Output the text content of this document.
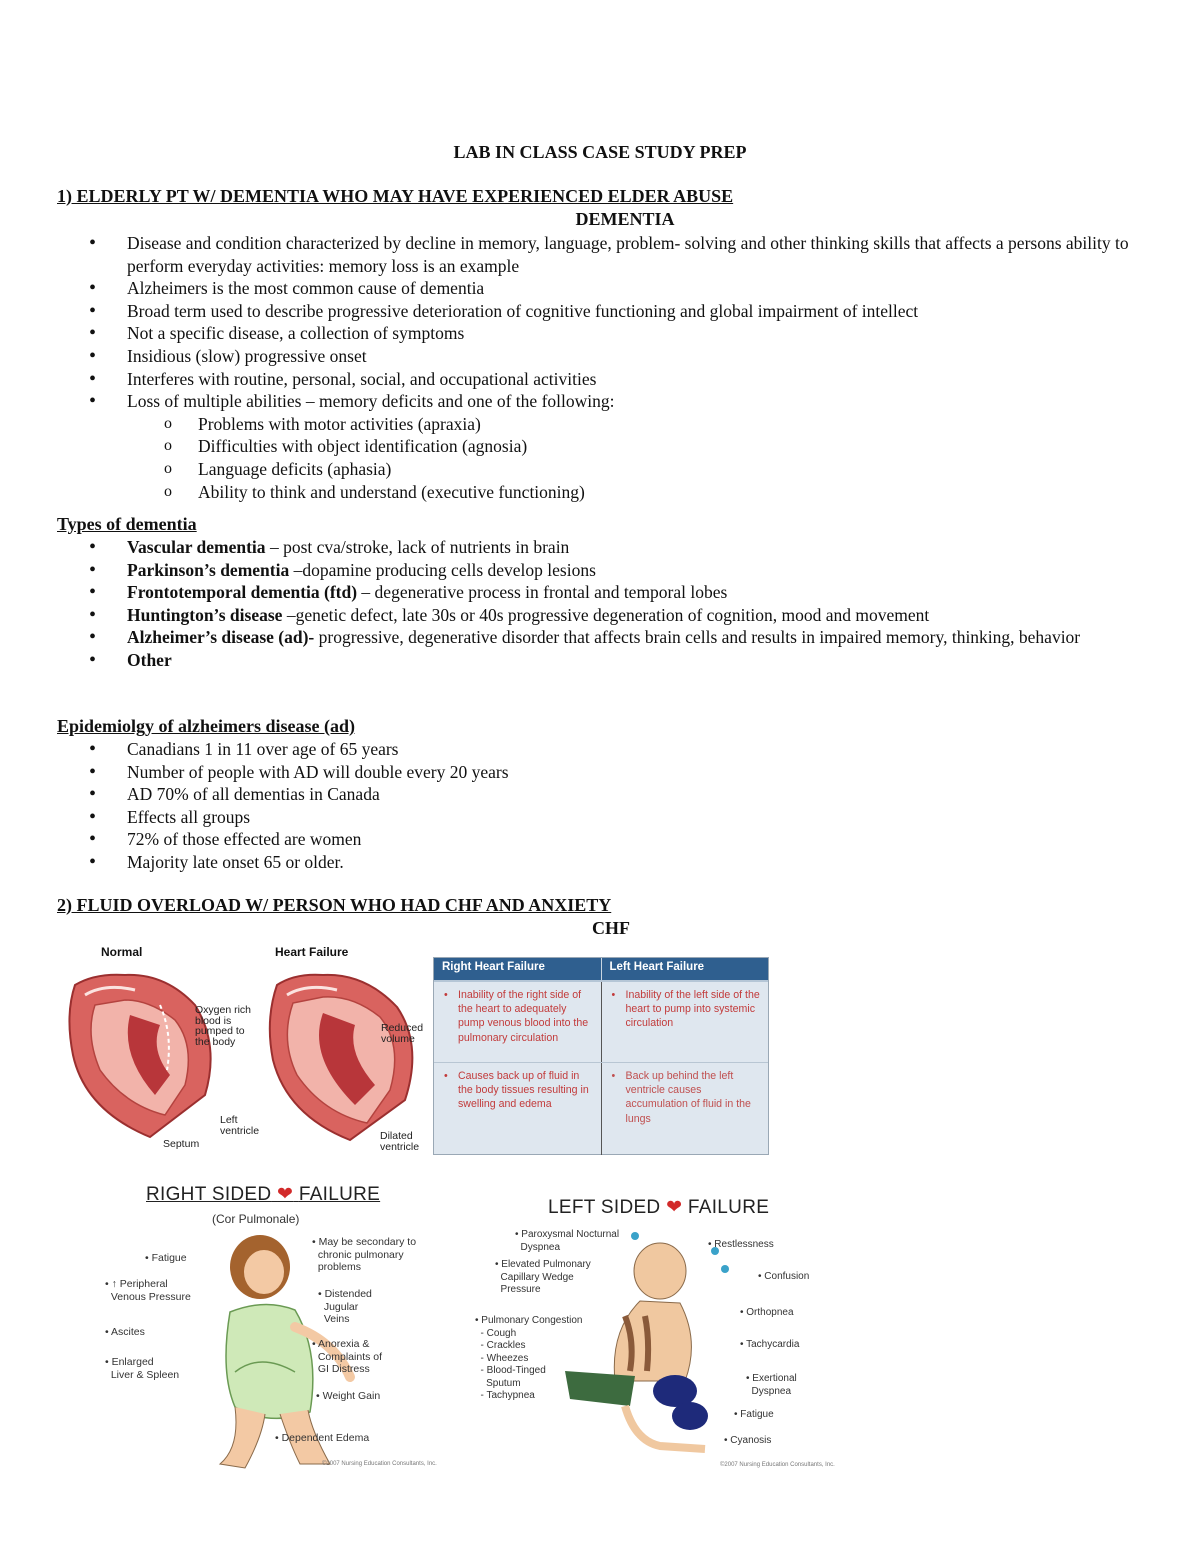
LAB IN CLASS CASE STUDY PREP
1) ELDERLY PT W/ DEMENTIA WHO MAY HAVE EXPERIENCED ELDER ABUSE
DEMENTIA
• Disease and condition characterized by decline in memory, language, problem- solving and other thinking skills that affects a persons ability to perform everyday activities: memory loss is an example
• Alzheimers is the most common cause of dementia
• Broad term used to describe progressive deterioration of cognitive functioning and global impairment of intellect
• Not a specific disease, a collection of symptoms
• Insidious (slow) progressive onset
• Interferes with routine, personal, social, and occupational activities
• Loss of multiple abilities – memory deficits and one of the following:
o Problems with motor activities (apraxia)
o Difficulties with object identification (agnosia)
o Language deficits (aphasia)
o Ability to think and understand (executive functioning)
Types of dementia
• Vascular dementia – post cva/stroke, lack of nutrients in brain
• Parkinson’s dementia –dopamine producing cells develop lesions
• Frontotemporal dementia (ftd) – degenerative process in frontal and temporal lobes
• Huntington’s disease –genetic defect, late 30s or 40s progressive degeneration of cognition, mood and movement
• Alzheimer’s disease (ad)- progressive, degenerative disorder that affects brain cells and results in impaired memory, thinking, behavior
• Other
Epidemiolgy of alzheimers disease (ad)
• Canadians 1 in 11 over age of 65 years
• Number of people with AD will double every 20 years
• AD 70% of all dementias in Canada
• Effects all groups
• 72% of those effected are women
• Majority late onset 65 or older.
2) FLUID OVERLOAD W/ PERSON WHO HAD CHF AND ANXIETY
CHF
Normal	Heart Failure
Oxygen rich
blood is
pumped to
the body
Left
ventricle
Septum
Reduced
volume
Dilated
ventricle
Right Heart Failure	Left Heart Failure
• Inability of the right side of the heart to adequately pump venous blood into the pulmonary circulation
• Inability of the left side of the heart to pump into systemic circulation
• Causes back up of fluid in the body tissues resulting in swelling and edema
• Back up behind the left ventricle causes accumulation of fluid in the lungs
RIGHT SIDED ❤ FAILURE
(Cor Pulmonale)
• Fatigue
• ↑ Peripheral
Venous Pressure
• Ascites
• Enlarged
Liver & Spleen
• May be secondary to
chronic pulmonary
problems
• Distended
Jugular
Veins
• Anorexia &
Complaints of
GI Distress
• Weight Gain
• Dependent Edema
©2007 Nursing Education Consultants, Inc.
LEFT SIDED ❤ FAILURE
• Paroxysmal Nocturnal
Dyspnea
• Elevated Pulmonary
Capillary Wedge
Pressure
• Pulmonary Congestion
- Cough
- Crackles
- Wheezes
- Blood-Tinged
Sputum
- Tachypnea
• Restlessness
• Confusion
• Orthopnea
• Tachycardia
• Exertional
Dyspnea
• Fatigue
• Cyanosis
©2007 Nursing Education Consultants, Inc.
